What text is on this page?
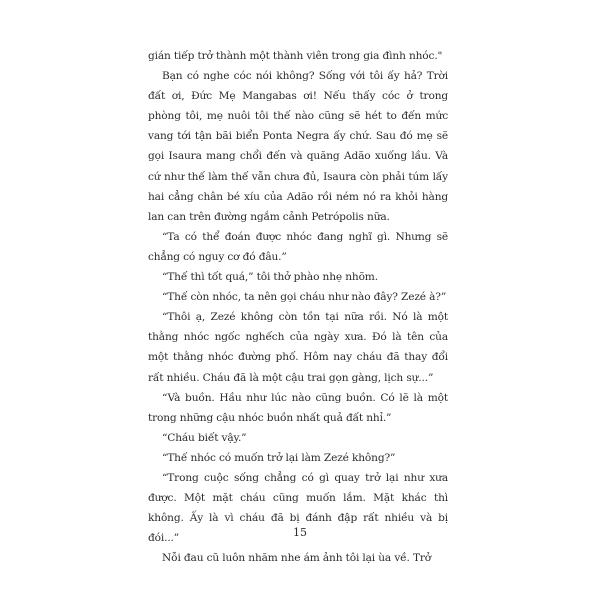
gián tiếp trở thành một thành viên trong gia đình nhóc."

Bạn có nghe cóc nói không? Sống với tôi ấy hả? Trời đất ơi, Đức Mẹ Mangabas ơi! Nếu thấy cóc ở trong phòng tôi, mẹ nuôi tôi thế nào cũng sẽ hét to đến mức vang tới tận bãi biển Ponta Negra ấy chứ. Sau đó mẹ sẽ gọi Isaura mang chổi đến và quăng Adão xuống lầu. Và cứ như thế làm thế vẫn chưa đủ, Isaura còn phải túm lấy hai cẳng chân bé xíu của Adão rồi ném nó ra khỏi hàng lan can trên đường ngắm cảnh Petrópolis nữa.

“Ta có thể đoán được nhóc đang nghĩ gì. Nhưng sẽ chẳng có nguy cơ đó đâu.”

“Thế thì tốt quá,” tôi thở phào nhẹ nhõm.

“Thế còn nhóc, ta nên gọi cháu như nào đây? Zezé à?”

“Thôi ạ, Zezé không còn tồn tại nữa rồi. Nó là một thằng nhóc ngốc nghếch của ngày xưa. Đó là tên của một thằng nhóc đường phố. Hôm nay cháu đã thay đổi rất nhiều. Cháu đã là một cậu trai gọn gàng, lịch sự...”

“Và buồn. Hầu như lúc nào cũng buồn. Có lẽ là một trong những cậu nhóc buồn nhất quả đất nhỉ.”

“Cháu biết vậy.”

“Thế nhóc có muốn trở lại làm Zezé không?”

“Trong cuộc sống chẳng có gì quay trở lại như xưa được. Một mặt cháu cũng muốn lắm. Mặt khác thì không. Ấy là vì cháu đã bị đánh đập rất nhiều và bị đói...”

Nỗi đau cũ luôn nhăm nhe ám ảnh tôi lại ùa về. Trở

15
